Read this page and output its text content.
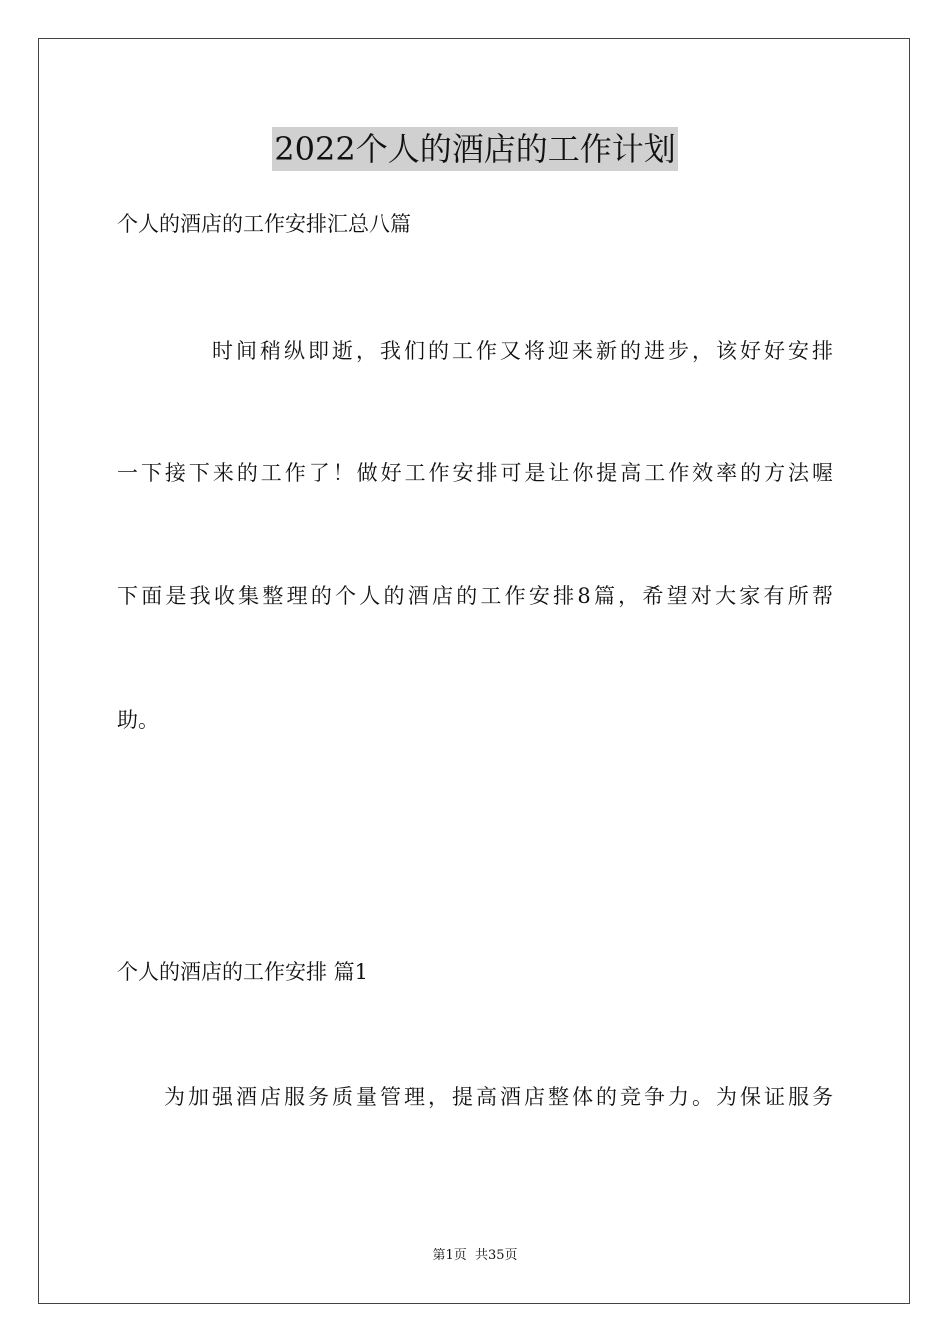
2022个人的酒店的工作计划
个人的酒店的工作安排汇总八篇
时间稍纵即逝，我们的工作又将迎来新的进步，该好好安排
一下接下来的工作了！做好工作安排可是让你提高工作效率的方法喔
下面是我收集整理的个人的酒店的工作安排8篇，希望对大家有所帮
助。
个人的酒店的工作安排 篇1
为加强酒店服务质量管理，提高酒店整体的竞争力。为保证服务
第1页 共35页
